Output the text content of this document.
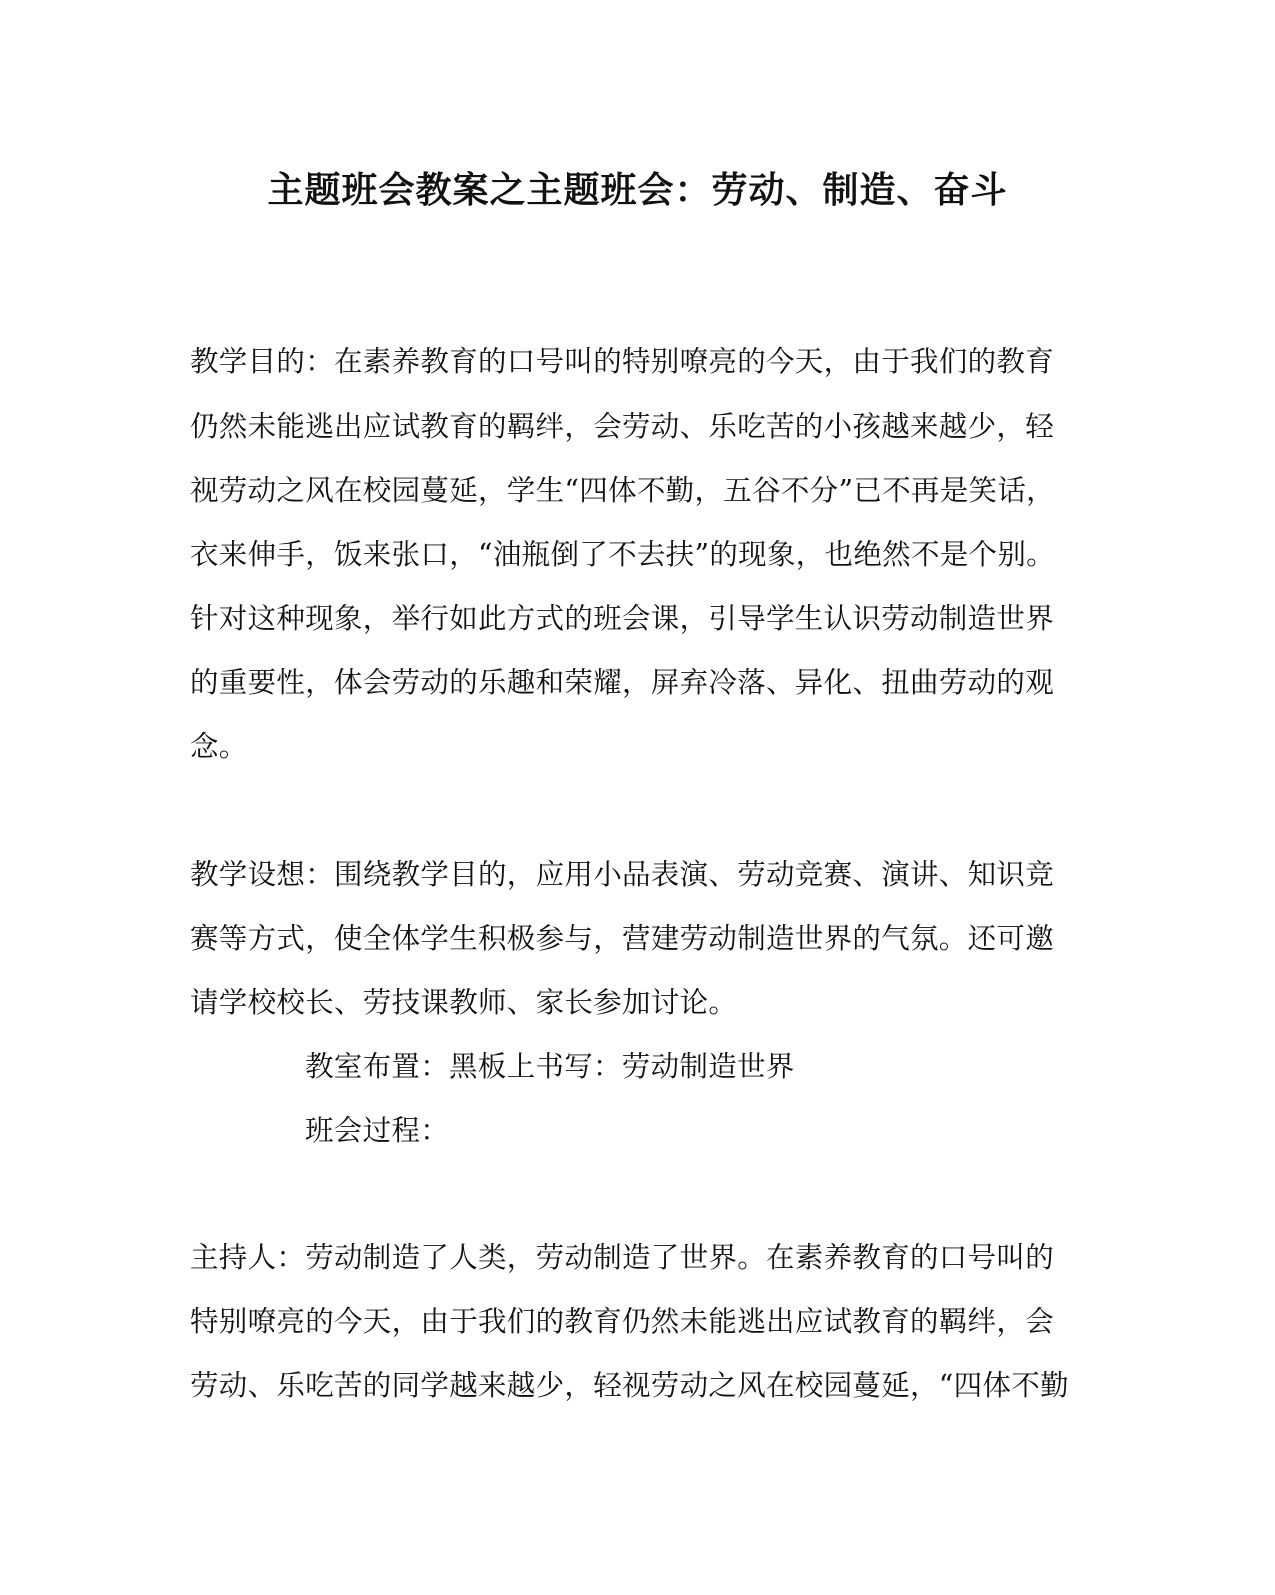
主题班会教案之主题班会：劳动、制造、奋斗
教学目的：在素养教育的口号叫的特别嘹亮的今天，由于我们的教育
仍然未能逃出应试教育的羁绊，会劳动、乐吃苦的小孩越来越少，轻
视劳动之风在校园蔓延，学生“四体不勤，五谷不分”已不再是笑话，
衣来伸手，饭来张口，“油瓶倒了不去扶”的现象，也绝然不是个别。
针对这种现象，举行如此方式的班会课，引导学生认识劳动制造世界
的重要性，体会劳动的乐趣和荣耀，屏弃冷落、异化、扭曲劳动的观
念。
教学设想：围绕教学目的，应用小品表演、劳动竞赛、演讲、知识竞
赛等方式，使全体学生积极参与，营建劳动制造世界的气氛。还可邀
请学校校长、劳技课教师、家长参加讨论。
教室布置：黑板上书写：劳动制造世界
班会过程：
主持人：劳动制造了人类，劳动制造了世界。在素养教育的口号叫的
特别嘹亮的今天，由于我们的教育仍然未能逃出应试教育的羁绊，会
劳动、乐吃苦的同学越来越少，轻视劳动之风在校园蔓延，“四体不勤
